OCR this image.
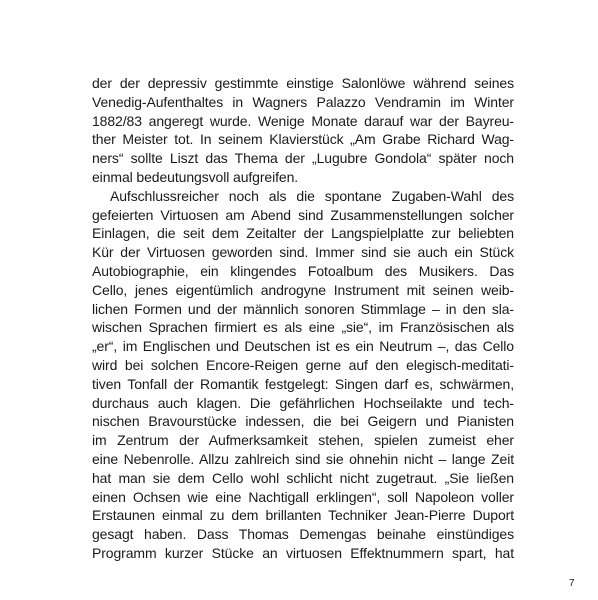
der der depressiv gestimmte einstige Salonlöwe während seines
Venedig-Aufenthaltes in Wagners Palazzo Vendramin im Winter
1882/83 angeregt wurde. Wenige Monate darauf war der Bayreu-
ther Meister tot. In seinem Klavierstück „Am Grabe Richard Wag-
ners“ sollte Liszt das Thema der „Lugubre Gondola“ später noch
einmal bedeutungsvoll aufgreifen.
Aufschlussreicher noch als die spontane Zugaben-Wahl des
gefeierten Virtuosen am Abend sind Zusammenstellungen solcher
Einlagen, die seit dem Zeitalter der Langspielplatte zur beliebten
Kür der Virtuosen geworden sind. Immer sind sie auch ein Stück
Autobiographie, ein klingendes Fotoalbum des Musikers. Das
Cello, jenes eigentümlich androgyne Instrument mit seinen weib-
lichen Formen und der männlich sonoren Stimmlage – in den sla-
wischen Sprachen firmiert es als eine „sie“, im Französischen als
„er“, im Englischen und Deutschen ist es ein Neutrum –, das Cello
wird bei solchen Encore-Reigen gerne auf den elegisch-meditati-
tiven Tonfall der Romantik festgelegt: Singen darf es, schwärmen,
durchaus auch klagen. Die gefährlichen Hochseilakte und tech-
nischen Bravourstücke indessen, die bei Geigern und Pianisten
im Zentrum der Aufmerksamkeit stehen, spielen zumeist eher
eine Nebenrolle. Allzu zahlreich sind sie ohnehin nicht – lange Zeit
hat man sie dem Cello wohl schlicht nicht zugetraut. „Sie ließen
einen Ochsen wie eine Nachtigall erklingen“, soll Napoleon voller
Erstaunen einmal zu dem brillanten Techniker Jean-Pierre Duport
gesagt haben. Dass Thomas Demengas beinahe einstündiges
Programm kurzer Stücke an virtuosen Effektnummern spart, hat
7
